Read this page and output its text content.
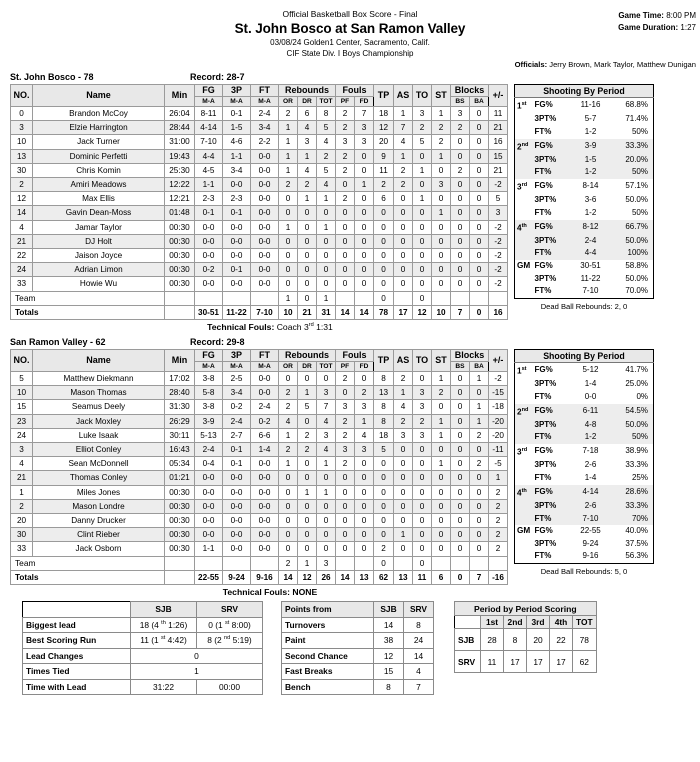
Official Basketball Box Score - Final
St. John Bosco at San Ramon Valley
03/08/24 Golden1 Center, Sacramento, Calif.
CIF State Div. I Boys Championship
Game Time: 8:00 PM
Game Duration: 1:27
Officials: Jerry Brown, Mark Taylor, Matthew Dunigan
St. John Bosco - 78	Record: 28-7
NO.	Name	Min	FG	3P	FT	Rebounds			Fouls		TP	AS	TO	ST	Blocks		+/-
			M-A	M-A	M-A	OR	DR	TOT	PF	FD					BS	BA	
0	Brandon McCoy	26:04	8-11	0-1	2-4	2	6	8	2	7	18	1	3	1	3	0	11
3	Elzie Harrington	28:44	4-14	1-5	3-4	1	4	5	2	3	12	7	2	2	2	0	21
10	Jack Turner	31:00	7-10	4-6	2-2	1	3	4	3	3	20	4	5	2	0	0	16
13	Dominic Perfetti	19:43	4-4	1-1	0-0	1	1	2	2	0	9	1	0	1	0	0	15
30	Chris Komin	25:30	4-5	3-4	0-0	1	4	5	2	0	11	2	1	0	2	0	21
2	Amiri Meadows	12:22	1-1	0-0	0-0	2	2	4	0	1	2	2	0	3	0	0	-2
12	Max Ellis	12:21	2-3	2-3	0-0	0	1	1	2	0	6	0	1	0	0	0	5
14	Gavin Dean-Moss	01:48	0-1	0-1	0-0	0	0	0	0	0	0	0	0	1	0	0	3
4	Jamar Taylor	00:30	0-0	0-0	0-0	1	0	1	0	0	0	0	0	0	0	0	-2
21	DJ Holt	00:30	0-0	0-0	0-0	0	0	0	0	0	0	0	0	0	0	0	-2
22	Jaison Joyce	00:30	0-0	0-0	0-0	0	0	0	0	0	0	0	0	0	0	0	-2
24	Adrian Limon	00:30	0-2	0-1	0-0	0	0	0	0	0	0	0	0	0	0	0	-2
33	Howie Wu	00:30	0-0	0-0	0-0	0	0	0	0	0	0	0	0	0	0	0	-2
Team						1	0	1			0		0				
Totals			30-51	11-22	7-10	10	21	31	14	14	78	17	12	10	7	0	16
Shooting By Period			
1st	FG%	11-16	68.8%
	3PT%	5-7	71.4%
	FT%	1-2	50%
2nd	FG%	3-9	33.3%
	3PT%	1-5	20.0%
	FT%	1-2	50%
3rd	FG%	8-14	57.1%
	3PT%	3-6	50.0%
	FT%	1-2	50%
4th	FG%	8-12	66.7%
	3PT%	2-4	50.0%
	FT%	4-4	100%
GM	FG%	30-51	58.8%
	3PT%	11-22	50.0%
	FT%	7-10	70.0%
Dead Ball Rebounds: 2, 0
Technical Fouls: Coach 3rd 1:31
San Ramon Valley - 62	Record: 29-8
NO.	Name	Min	FG	3P	FT	Rebounds			Fouls		TP	AS	TO	ST	Blocks		+/-
			M-A	M-A	M-A	OR	DR	TOT	PF	FD					BS	BA	
5	Matthew Diekmann	17:02	3-8	2-5	0-0	0	0	0	2	0	8	2	0	1	0	1	-2
10	Mason Thomas	28:40	5-8	3-4	0-0	2	1	3	0	2	13	1	3	2	0	0	-15
15	Seamus Deely	31:30	3-8	0-2	2-4	2	5	7	3	3	8	4	3	0	0	1	-18
23	Jack Moxley	26:29	3-9	2-4	0-2	4	0	4	2	1	8	2	2	1	0	1	-20
24	Luke Isaak	30:11	5-13	2-7	6-6	1	2	3	2	4	18	3	3	1	0	2	-20
3	Elliot Conley	16:43	2-4	0-1	1-4	2	2	4	3	3	5	0	0	0	0	0	-11
4	Sean McDonnell	05:34	0-4	0-1	0-0	1	0	1	2	0	0	0	0	1	0	2	-5
21	Thomas Conley	01:21	0-0	0-0	0-0	0	0	0	0	0	0	0	0	0	0	0	1
1	Miles Jones	00:30	0-0	0-0	0-0	0	1	1	0	0	0	0	0	0	0	0	2
2	Mason Londre	00:30	0-0	0-0	0-0	0	0	0	0	0	0	0	0	0	0	0	2
20	Danny Drucker	00:30	0-0	0-0	0-0	0	0	0	0	0	0	0	0	0	0	0	2
30	Clint Rieber	00:30	0-0	0-0	0-0	0	0	0	0	0	0	1	0	0	0	0	2
33	Jack Osborn	00:30	1-1	0-0	0-0	0	0	0	0	0	2	0	0	0	0	0	2
Team						2	1	3			0		0				
Totals			22-55	9-24	9-16	14	12	26	14	13	62	13	11	6	0	7	-16
Shooting By Period			
1st	FG%	5-12	41.7%
	3PT%	1-4	25.0%
	FT%	0-0	0%
2nd	FG%	6-11	54.5%
	3PT%	4-8	50.0%
	FT%	1-2	50%
3rd	FG%	7-18	38.9%
	3PT%	2-6	33.3%
	FT%	1-4	25%
4th	FG%	4-14	28.6%
	3PT%	2-6	33.3%
	FT%	7-10	70%
GM	FG%	22-55	40.0%
	3PT%	9-24	37.5%
	FT%	9-16	56.3%
Dead Ball Rebounds: 5, 0
Technical Fouls: NONE
	SJB	SRV
Biggest lead	18 (4 $^{th}$ 1:26)	0 (1 $^{st}$ 8:00)
Best Scoring Run	11 (1 $^{st}$ 4:42)	8 (2 $^{nd}$ 5:19)
Lead Changes	0	
Times Tied	1	
Time with Lead	31:22	00:00
Points from	SJB	SRV
Turnovers	14	8
Paint	38	24
Second Chance	12	14
Fast Breaks	15	4
Bench	8	7
Period by Period Scoring					
	1st	2nd	3rd	4th	TOT
SJB	28	8	20	22	78
SRV	11	17	17	17	62
